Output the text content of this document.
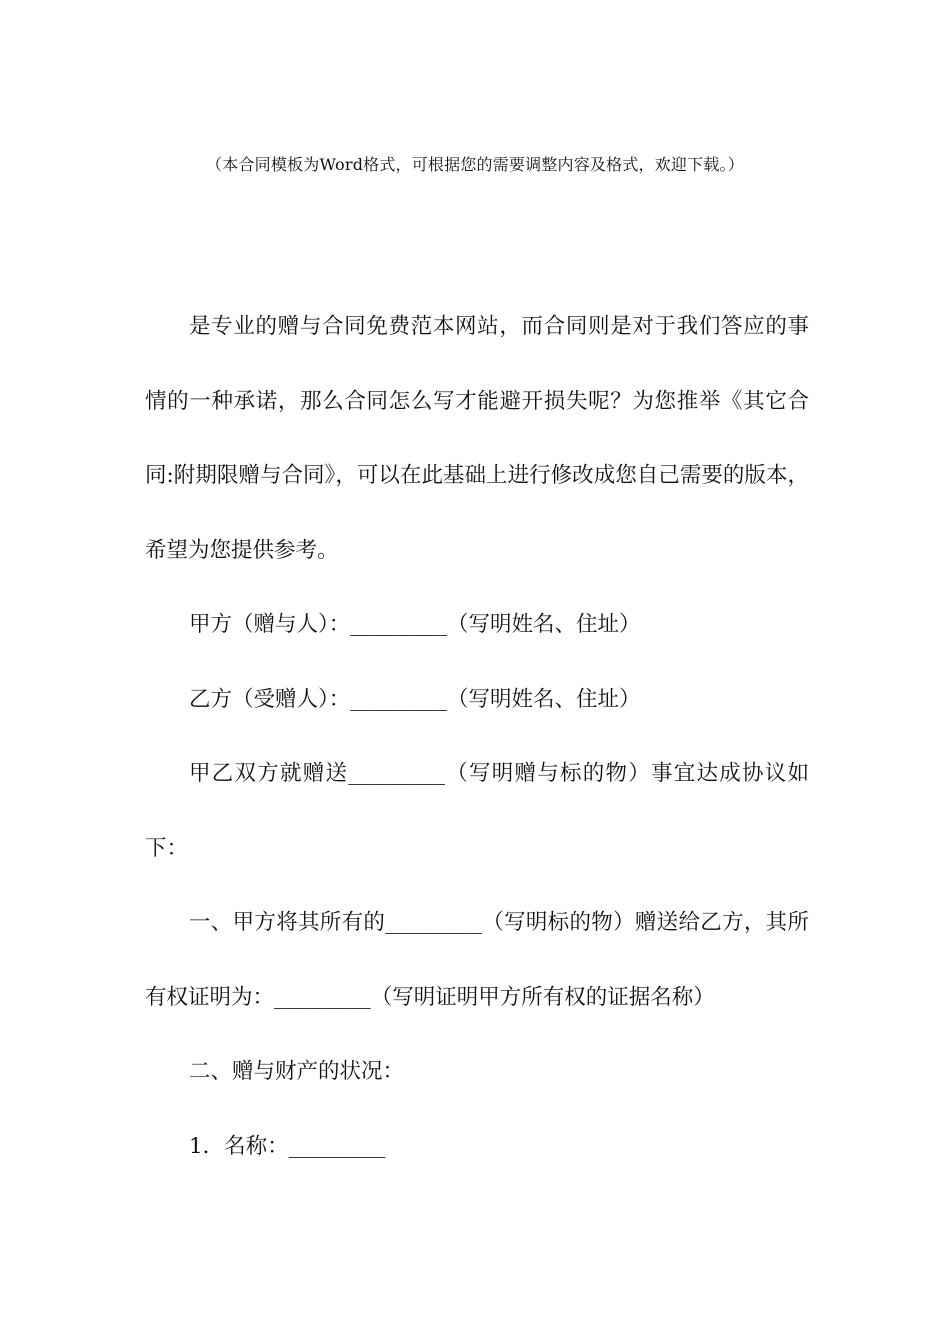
（本合同模板为Word格式，可根据您的需要调整内容及格式，欢迎下载。）

是专业的赠与合同免费范本网站，而合同则是对于我们答应的事情的一种承诺，那么合同怎么写才能避开损失呢？为您推举《其它合同:附期限赠与合同》，可以在此基础上进行修改成您自己需要的版本，希望为您提供参考。

甲方（赠与人）：_________（写明姓名、住址）

乙方（受赠人）：_________（写明姓名、住址）

甲乙双方就赠送_________（写明赠与标的物）事宜达成协议如下：

一、甲方将其所有的_________（写明标的物）赠送给乙方，其所有权证明为：_________（写明证明甲方所有权的证据名称）

二、赠与财产的状况：

1．名称：_________
